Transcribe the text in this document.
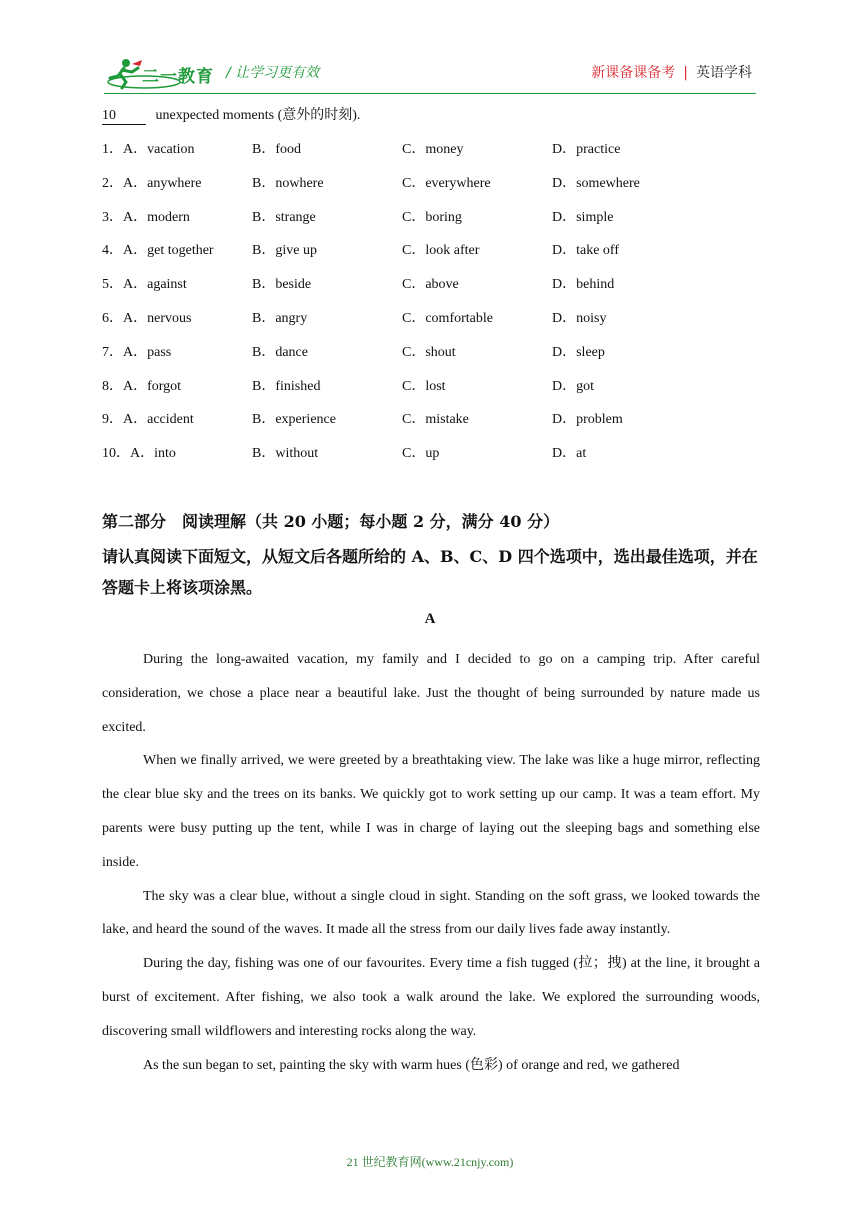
二一教育 / 让学习更有效	新课备课备考 | 英语学科
10	unexpected moments (意外的时刻).
1．A．vacation	B．food	C．money	D．practice
2．A．anywhere	B．nowhere	C．everywhere	D．somewhere
3．A．modern	B．strange	C．boring	D．simple
4．A．get together	B．give up	C．look after	D．take off
5．A．against	B．beside	C．above	D．behind
6．A．nervous	B．angry	C．comfortable	D．noisy
7．A．pass	B．dance	C．shout	D．sleep
8．A．forgot	B．finished	C．lost	D．got
9．A．accident	B．experience	C．mistake	D．problem
10．A．into	B．without	C．up	D．at
第二部分　阅读理解（共 20 小题；每小题 2 分，满分 40 分）
请认真阅读下面短文，从短文后各题所给的 A、B、C、D 四个选项中，选出最佳选项，并在答题卡上将该项涂黑。
A

During the long-awaited vacation, my family and I decided to go on a camping trip. After careful consideration, we chose a place near a beautiful lake. Just the thought of being surrounded by nature made us excited.

When we finally arrived, we were greeted by a breathtaking view. The lake was like a huge mirror, reflecting the clear blue sky and the trees on its banks. We quickly got to work setting up our camp. It was a team effort. My parents were busy putting up the tent, while I was in charge of laying out the sleeping bags and something else inside.

The sky was a clear blue, without a single cloud in sight. Standing on the soft grass, we looked towards the lake, and heard the sound of the waves. It made all the stress from our daily lives fade away instantly.

During the day, fishing was one of our favourites. Every time a fish tugged (拉；拽) at the line, it brought a burst of excitement. After fishing, we also took a walk around the lake. We explored the surrounding woods, discovering small wildflowers and interesting rocks along the way.

As the sun began to set, painting the sky with warm hues (色彩) of orange and red, we gathered

21 世纪教育网(www.21cnjy.com)
